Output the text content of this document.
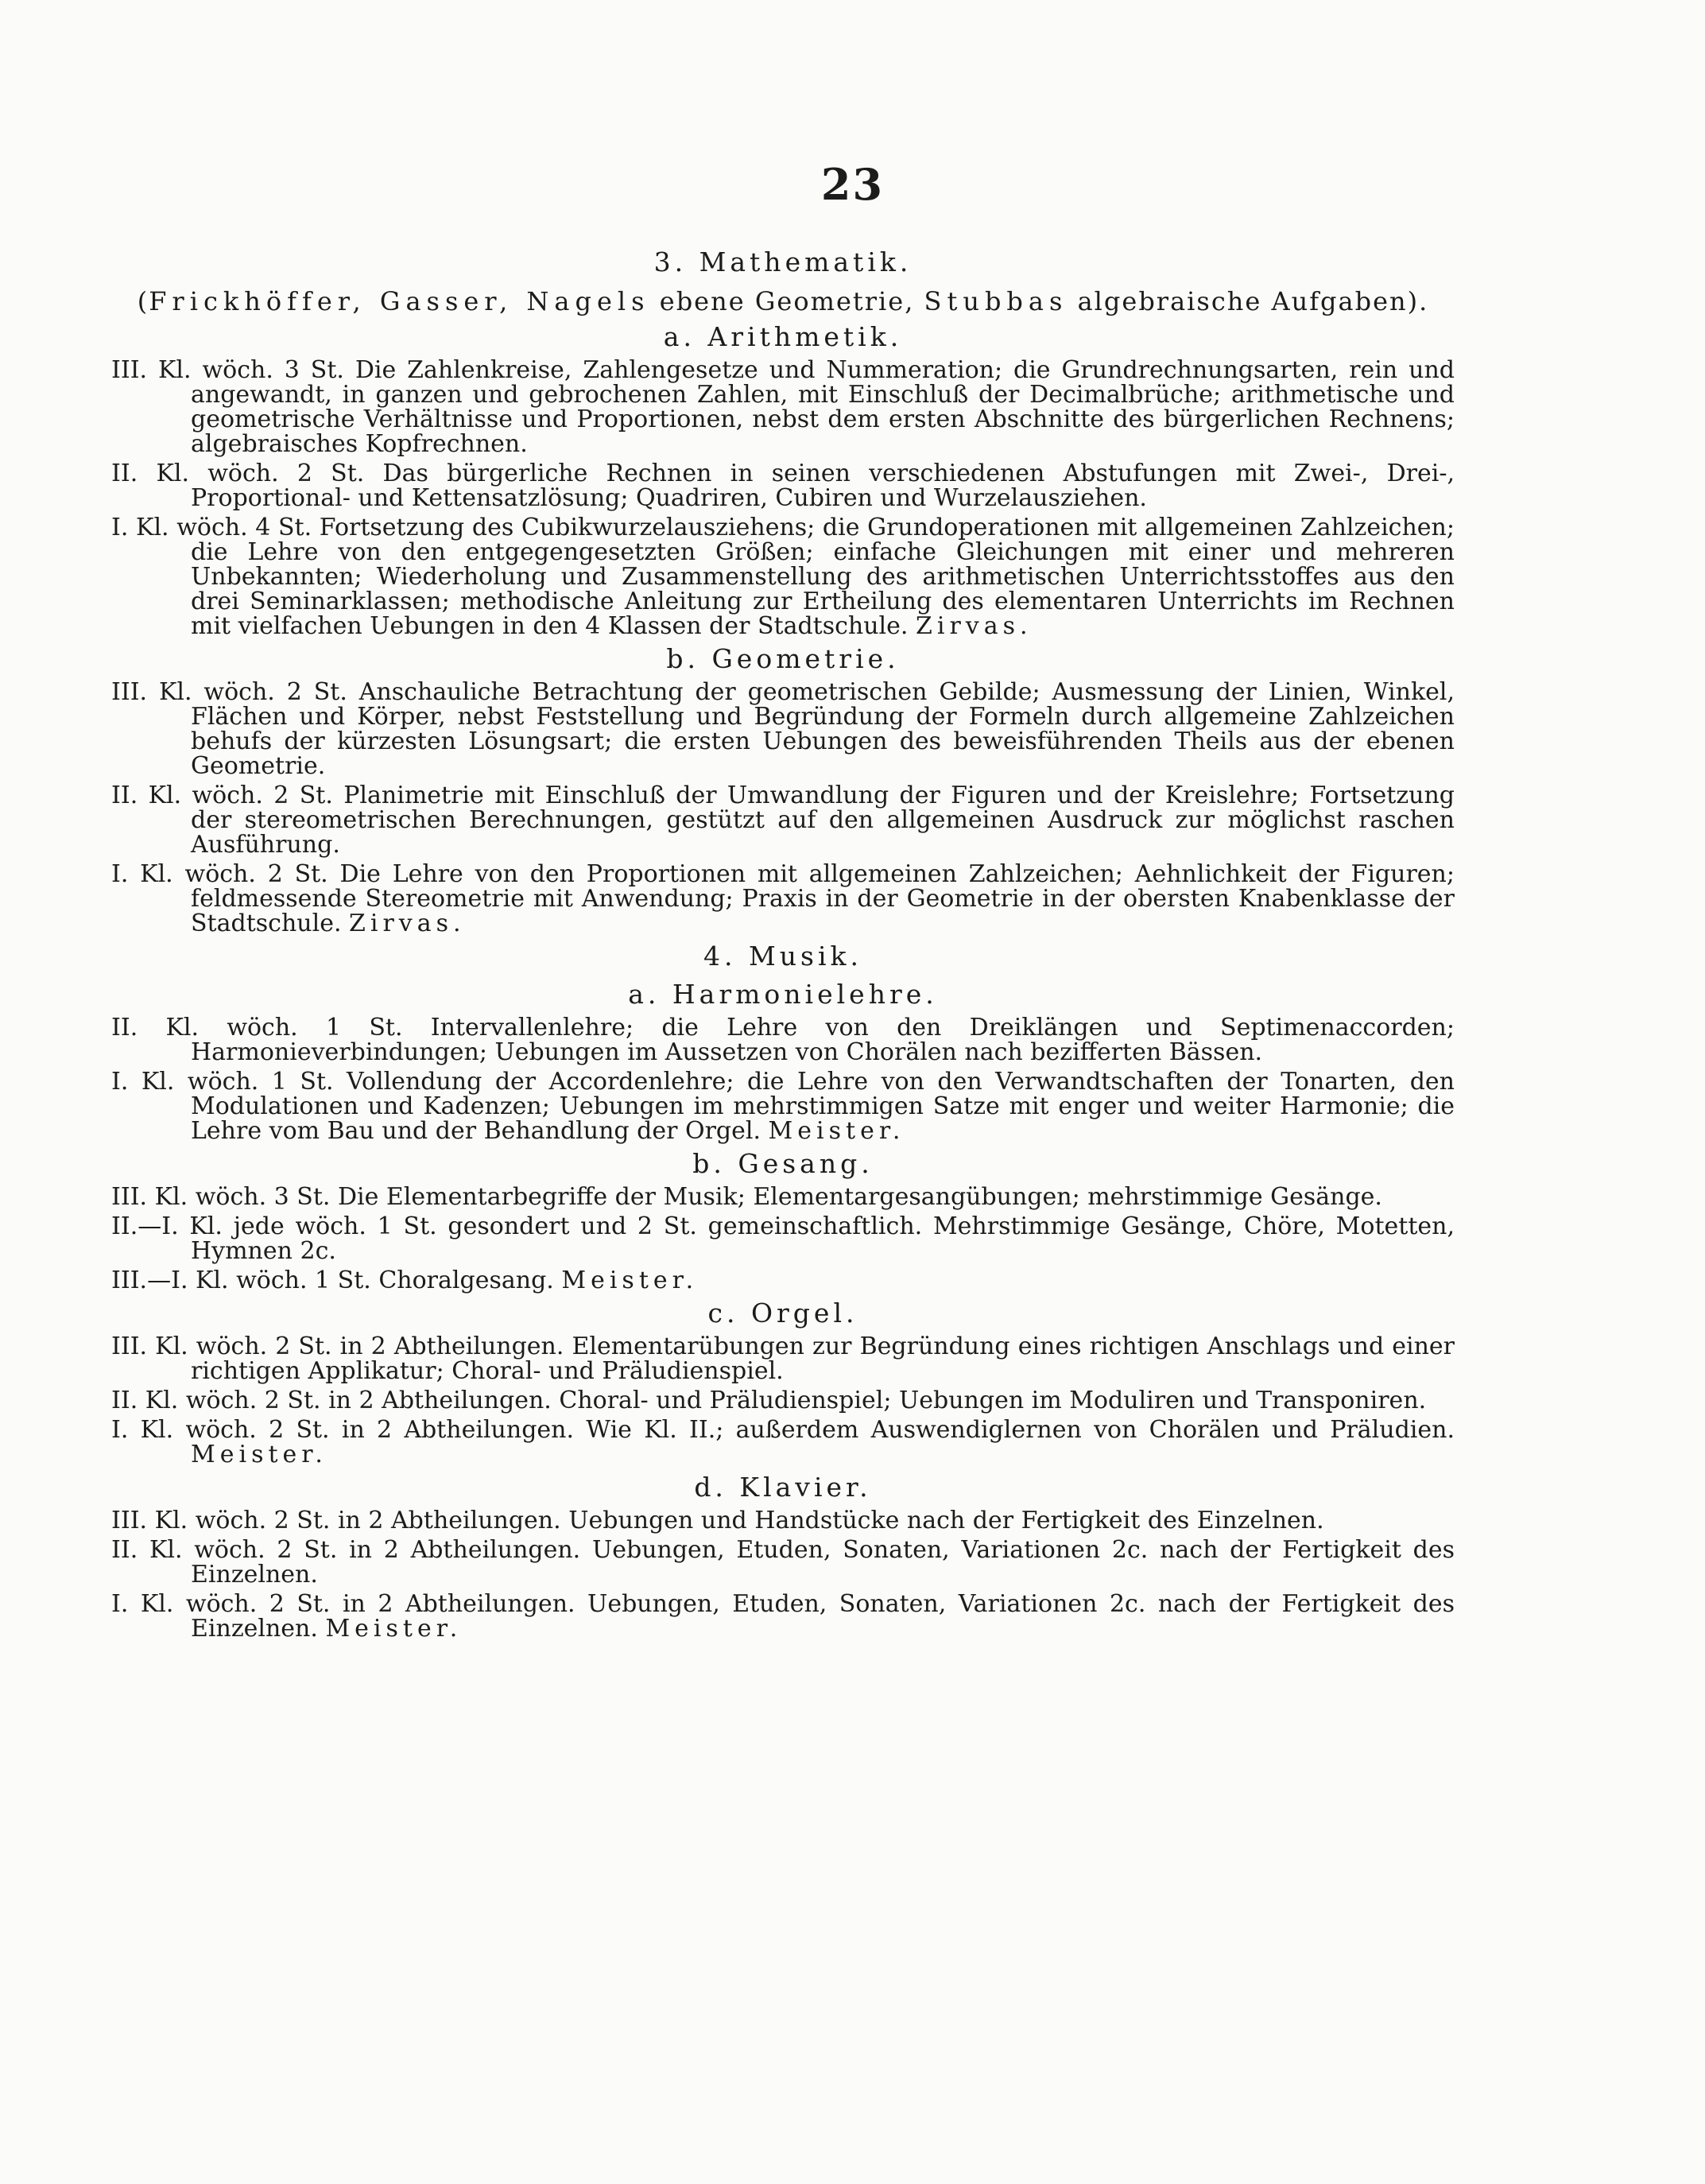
23
3. Mathematik.
(Frickhöffer, Gasser, Nagels ebene Geometrie, Stubbas algebraische Aufgaben).
a. Arithmetik.

III. Kl. wöch. 3 St. Die Zahlenkreise, Zahlengesetze und Nummeration; die Grundrechnungsarten, rein und angewandt, in ganzen und gebrochenen Zahlen, mit Einschluß der Decimalbrüche; arithmetische und geometrische Verhältnisse und Proportionen, nebst dem ersten Abschnitte des bürgerlichen Rechnens; algebraisches Kopfrechnen.

II. Kl. wöch. 2 St. Das bürgerliche Rechnen in seinen verschiedenen Abstufungen mit Zwei-, Drei-, Proportional- und Kettensatzlösung; Quadriren, Cubiren und Wurzelausziehen.

I. Kl. wöch. 4 St. Fortsetzung des Cubikwurzelausziehens; die Grundoperationen mit allgemeinen Zahlzeichen; die Lehre von den entgegengesetzten Größen; einfache Gleichungen mit einer und mehreren Unbekannten; Wiederholung und Zusammenstellung des arithmetischen Unterrichtsstoffes aus den drei Seminarklassen; methodische Anleitung zur Ertheilung des elementaren Unterrichts im Rechnen mit vielfachen Uebungen in den 4 Klassen der Stadtschule. Zirvas.

b. Geometrie.

III. Kl. wöch. 2 St. Anschauliche Betrachtung der geometrischen Gebilde; Ausmessung der Linien, Winkel, Flächen und Körper, nebst Feststellung und Begründung der Formeln durch allgemeine Zahlzeichen behufs der kürzesten Lösungsart; die ersten Uebungen des beweisführenden Theils aus der ebenen Geometrie.

II. Kl. wöch. 2 St. Planimetrie mit Einschluß der Umwandlung der Figuren und der Kreislehre; Fortsetzung der stereometrischen Berechnungen, gestützt auf den allgemeinen Ausdruck zur möglichst raschen Ausführung.

I. Kl. wöch. 2 St. Die Lehre von den Proportionen mit allgemeinen Zahlzeichen; Aehnlichkeit der Figuren; feldmessende Stereometrie mit Anwendung; Praxis in der Geometrie in der obersten Knabenklasse der Stadtschule. Zirvas.

4. Musik.
a. Harmonielehre.

II. Kl. wöch. 1 St. Intervallenlehre; die Lehre von den Dreiklängen und Septimenaccorden; Harmonieverbindungen; Uebungen im Aussetzen von Chorälen nach bezifferten Bässen.

I. Kl. wöch. 1 St. Vollendung der Accordenlehre; die Lehre von den Verwandtschaften der Tonarten, den Modulationen und Kadenzen; Uebungen im mehrstimmigen Satze mit enger und weiter Harmonie; die Lehre vom Bau und der Behandlung der Orgel. Meister.

b. Gesang.

III. Kl. wöch. 3 St. Die Elementarbegriffe der Musik; Elementargesangübungen; mehrstimmige Gesänge.

II.—I. Kl. jede wöch. 1 St. gesondert und 2 St. gemeinschaftlich. Mehrstimmige Gesänge, Chöre, Motetten, Hymnen 2c.

III.—I. Kl. wöch. 1 St. Choralgesang. Meister.

c. Orgel.

III. Kl. wöch. 2 St. in 2 Abtheilungen. Elementarübungen zur Begründung eines richtigen Anschlags und einer richtigen Applikatur; Choral- und Präludienspiel.

II. Kl. wöch. 2 St. in 2 Abtheilungen. Choral- und Präludienspiel; Uebungen im Moduliren und Transponiren.

I. Kl. wöch. 2 St. in 2 Abtheilungen. Wie Kl. II.; außerdem Auswendiglernen von Chorälen und Präludien. Meister.

d. Klavier.

III. Kl. wöch. 2 St. in 2 Abtheilungen. Uebungen und Handstücke nach der Fertigkeit des Einzelnen.

II. Kl. wöch. 2 St. in 2 Abtheilungen. Uebungen, Etuden, Sonaten, Variationen 2c. nach der Fertigkeit des Einzelnen.

I. Kl. wöch. 2 St. in 2 Abtheilungen. Uebungen, Etuden, Sonaten, Variationen 2c. nach der Fertigkeit des Einzelnen. Meister.
